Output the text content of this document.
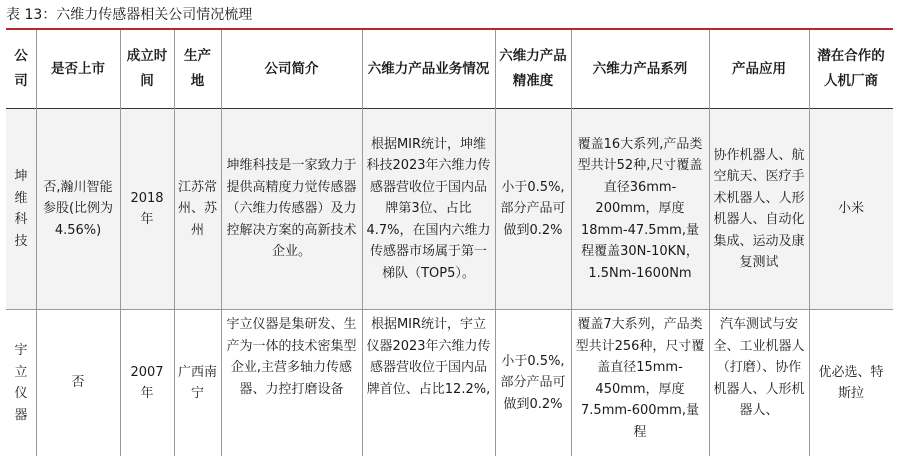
表 13：六维力传感器相关公司情况梳理
公司
是否上市
成立时间
生产地
公司简介	六维力产品业务情况
六维力产品精准度
六维力产品系列	产品应用
潜在合作的人机厂商
坤维科技
否,瀚川智能参股(比例为4.56%)
2018年
江苏常州、苏州
坤维科技是一家致力于提供高精度力觉传感器（六维力传感器）及力控解决方案的高新技术企业。
根据MIR统计，坤维科技2023年六维力传感器营收位于国内品牌第3位、占比4.7%，在国内六维力传感器市场属于第一梯队（TOP5）。
小于0.5%,部分产品可做到0.2%
覆盖16大系列,产品类型共计52种,尺寸覆盖直径36mm-200mm，厚度18mm-47.5mm,量程覆盖30N-10KN，1.5Nm-1600Nm
协作机器人、航空航天、医疗手术机器人、人形机器人、自动化集成、运动及康复测试
小米
宇立仪器
否
2007年
广西南宁
宇立仪器是集研发、生产为一体的技术密集型企业,主营多轴力传感器、力控打磨设备
根据MIR统计，宇立仪器2023年六维力传感器营收位于国内品牌首位、占比12.2%,
小于0.5%,部分产品可做到0.2%
覆盖7大系列，产品类型共计256种，尺寸覆盖直径15mm-450mm，厚度7.5mm-600mm,量程
汽车测试与安全、工业机器人（打磨）、协作机器人、人形机器人、
优必选、特斯拉
